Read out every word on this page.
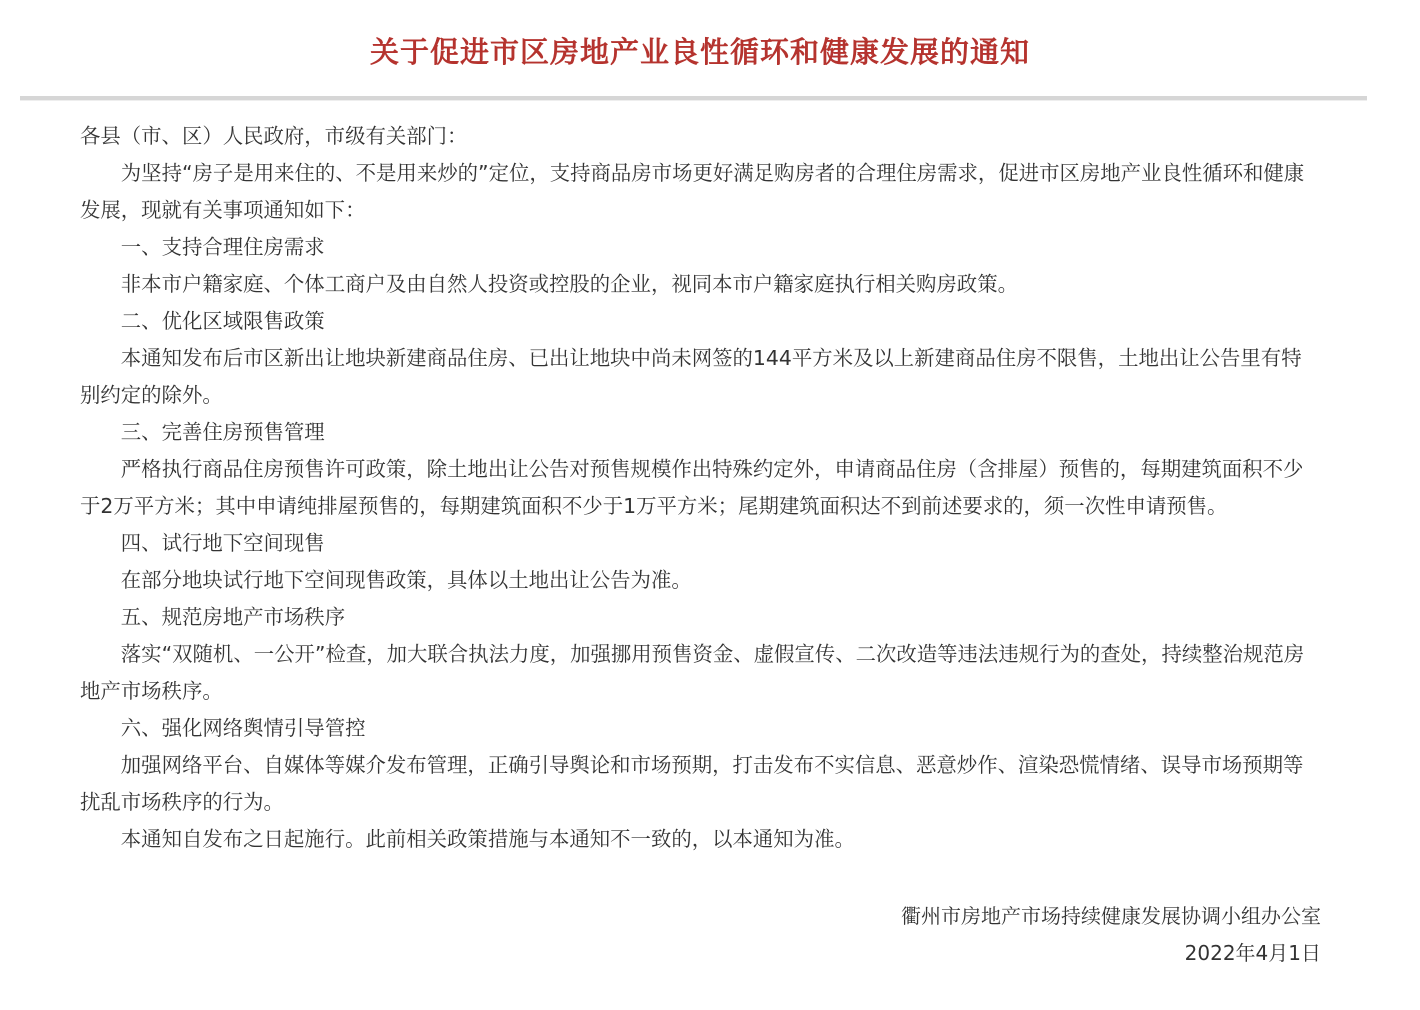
关于促进市区房地产业良性循环和健康发展的通知

各县（市、区）人民政府，市级有关部门：

为坚持“房子是用来住的、不是用来炒的”定位，支持商品房市场更好满足购房者的合理住房需求，促进市区房地产业良性循环和健康发展，现就有关事项通知如下：

一、支持合理住房需求

非本市户籍家庭、个体工商户及由自然人投资或控股的企业，视同本市户籍家庭执行相关购房政策。

二、优化区域限售政策

本通知发布后市区新出让地块新建商品住房、已出让地块中尚未网签的144平方米及以上新建商品住房不限售，土地出让公告里有特别约定的除外。

三、完善住房预售管理

严格执行商品住房预售许可政策，除土地出让公告对预售规模作出特殊约定外，申请商品住房（含排屋）预售的，每期建筑面积不少于2万平方米；其中申请纯排屋预售的，每期建筑面积不少于1万平方米；尾期建筑面积达不到前述要求的，须一次性申请预售。

四、试行地下空间现售

在部分地块试行地下空间现售政策，具体以土地出让公告为准。

五、规范房地产市场秩序

落实“双随机、一公开”检查，加大联合执法力度，加强挪用预售资金、虚假宣传、二次改造等违法违规行为的查处，持续整治规范房地产市场秩序。

六、强化网络舆情引导管控

加强网络平台、自媒体等媒介发布管理，正确引导舆论和市场预期，打击发布不实信息、恶意炒作、渲染恐慌情绪、误导市场预期等扰乱市场秩序的行为。

本通知自发布之日起施行。此前相关政策措施与本通知不一致的，以本通知为准。

衢州市房地产市场持续健康发展协调小组办公室
2022年4月1日
